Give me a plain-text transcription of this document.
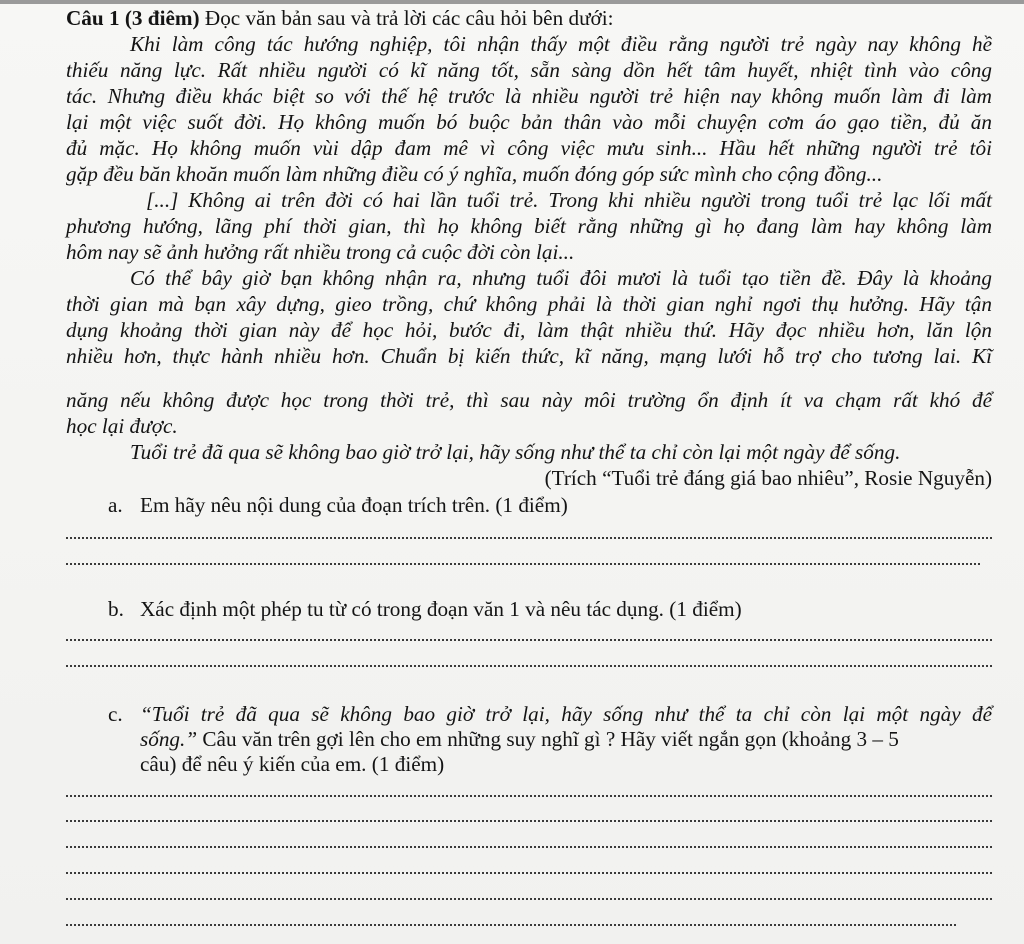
Câu 1 (3 điêm) Đọc văn bản sau và trả lời các câu hỏi bên dưới:
Khi làm công tác hướng nghiệp, tôi nhận thấy một điều rằng người trẻ ngày nay không hề
thiếu năng lực. Rất nhiều người có kĩ năng tốt, sẵn sàng dồn hết tâm huyết, nhiệt tình vào công
tác. Nhưng điều khác biệt so với thế hệ trước là nhiều người trẻ hiện nay không muốn làm đi làm
lại một việc suốt đời. Họ không muốn bó buộc bản thân vào mỗi chuyện cơm áo gạo tiền, đủ ăn
đủ mặc. Họ không muốn vùi dập đam mê vì công việc mưu sinh... Hầu hết những người trẻ tôi
gặp đều băn khoăn muốn làm những điều có ý nghĩa, muốn đóng góp sức mình cho cộng đồng...
[...] Không ai trên đời có hai lần tuổi trẻ. Trong khi nhiều người trong tuổi trẻ lạc lối mất
phương hướng, lãng phí thời gian, thì họ không biết rằng những gì họ đang làm hay không làm
hôm nay sẽ ảnh hưởng rất nhiều trong cả cuộc đời còn lại...
Có thể bây giờ bạn không nhận ra, nhưng tuổi đôi mươi là tuổi tạo tiền đề. Đây là khoảng
thời gian mà bạn xây dựng, gieo trồng, chứ không phải là thời gian nghỉ ngơi thụ hưởng. Hãy tận
dụng khoảng thời gian này để học hỏi, bước đi, làm thật nhiều thứ. Hãy đọc nhiều hơn, lăn lộn
nhiều hơn, thực hành nhiều hơn. Chuẩn bị kiến thức, kĩ năng, mạng lưới hỗ trợ cho tương lai. Kĩ
năng nếu không được học trong thời trẻ, thì sau này môi trường ổn định ít va chạm rất khó để
học lại được.
Tuổi trẻ đã qua sẽ không bao giờ trở lại, hãy sống như thể ta chỉ còn lại một ngày để sống.
(Trích “Tuổi trẻ đáng giá bao nhiêu”, Rosie Nguyễn)
a. Em hãy nêu nội dung của đoạn trích trên. (1 điểm)
b. Xác định một phép tu từ có trong đoạn văn 1 và nêu tác dụng. (1 điểm)
c. “Tuổi trẻ đã qua sẽ không bao giờ trở lại, hãy sống như thể ta chỉ còn lại một ngày để
sống.” Câu văn trên gợi lên cho em những suy nghĩ gì ? Hãy viết ngắn gọn (khoảng 3 – 5
câu) để nêu ý kiến của em. (1 điểm)
